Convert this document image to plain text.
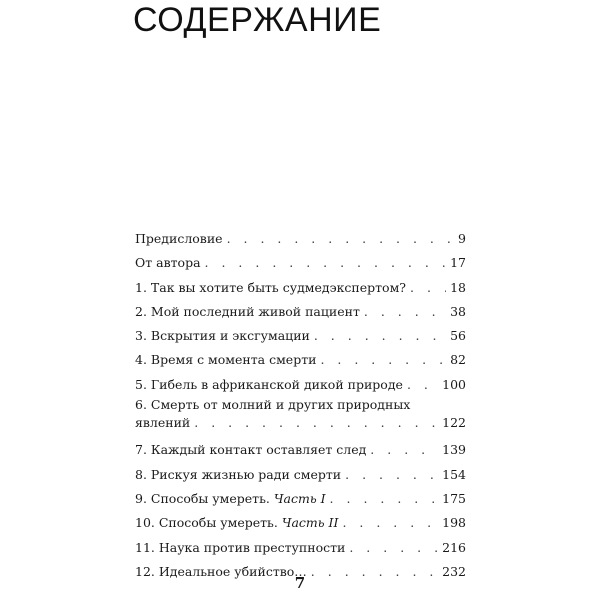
СОДЕРЖАНИЕ
Предисловие . . .	9
От автора . . .	17
1. Так вы хотите быть судмедэкспертом? . . .	18
2. Мой последний живой пациент . . .	38
3. Вскрытия и эксгумации . . .	56
4. Время с момента смерти . . .	82
5. Гибель в африканской дикой природе . . .	100
6. Смерть от молний и других природных
явлений . . .	122
7. Каждый контакт оставляет след . . .	139
8. Рискуя жизнью ради смерти . . .	154
9. Способы умереть. Часть I . . .	175
10. Способы умереть. Часть II . . .	198
11. Наука против преступности . . .	216
12. Идеальное убийство… . . .	232

7
